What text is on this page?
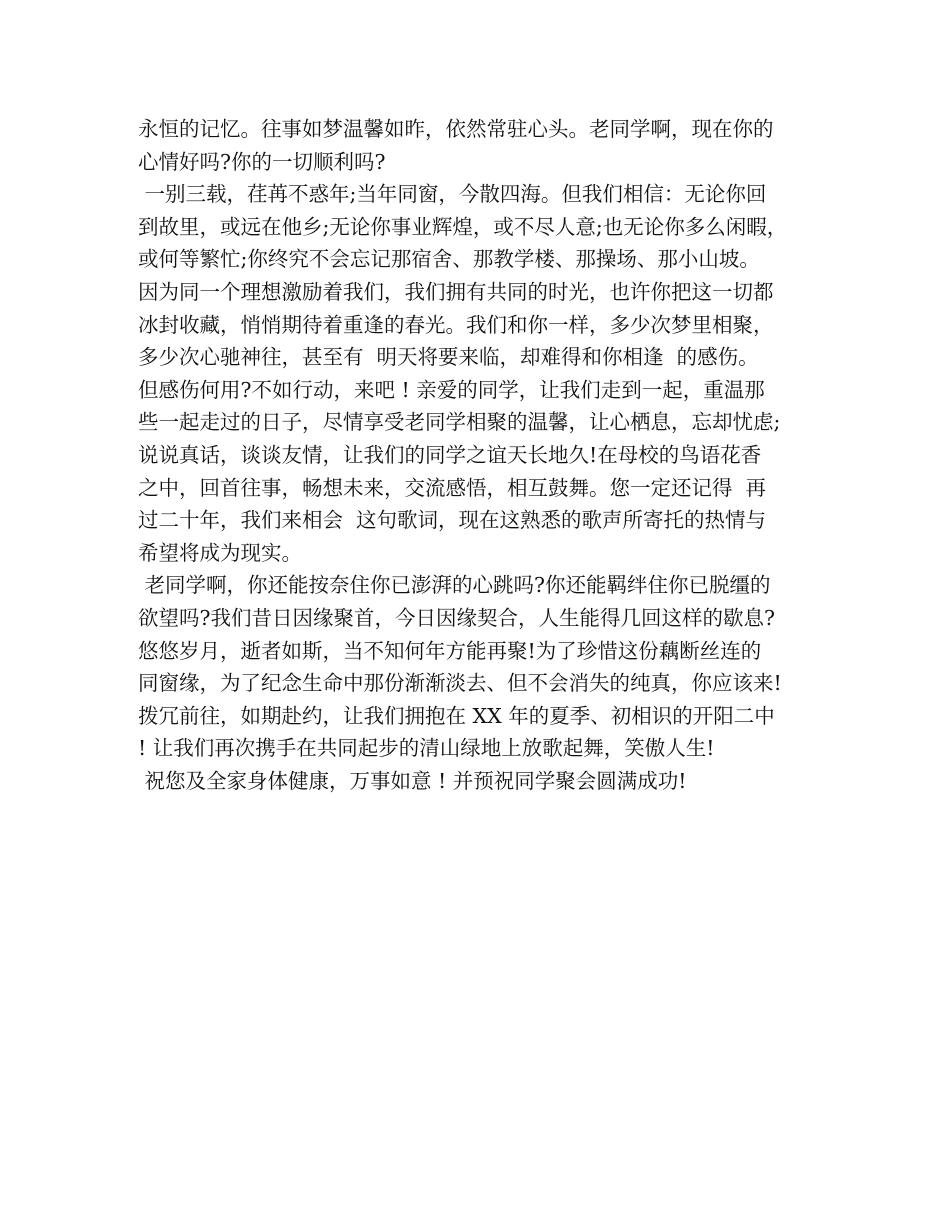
永恒的记忆。往事如梦温馨如昨，依然常驻心头。老同学啊，现在你的
心情好吗?你的一切顺利吗?
一别三载，荏苒不惑年;当年同窗，今散四海。但我们相信：无论你回
到故里，或远在他乡;无论你事业辉煌，或不尽人意;也无论你多么闲暇，
或何等繁忙;你终究不会忘记那宿舍、那教学楼、那操场、那小山坡。
因为同一个理想激励着我们，我们拥有共同的时光，也许你把这一切都
冰封收藏，悄悄期待着重逢的春光。我们和你一样，多少次梦里相聚，
多少次心驰神往，甚至有  明天将要来临，却难得和你相逢  的感伤。
但感伤何用?不如行动，来吧 ! 亲爱的同学，让我们走到一起，重温那
些一起走过的日子，尽情享受老同学相聚的温馨，让心栖息，忘却忧虑;
说说真话，谈谈友情，让我们的同学之谊天长地久!在母校的鸟语花香
之中，回首往事，畅想未来，交流感悟，相互鼓舞。您一定还记得  再
过二十年，我们来相会  这句歌词，现在这熟悉的歌声所寄托的热情与
希望将成为现实。
老同学啊，你还能按奈住你已澎湃的心跳吗?你还能羁绊住你已脱缰的
欲望吗?我们昔日因缘聚首，今日因缘契合，人生能得几回这样的歇息?
悠悠岁月，逝者如斯，当不知何年方能再聚!为了珍惜这份藕断丝连的
同窗缘，为了纪念生命中那份渐渐淡去、但不会消失的纯真，你应该来!
拨冗前往，如期赴约，让我们拥抱在 XX 年的夏季、初相识的开阳二中
! 让我们再次携手在共同起步的清山绿地上放歌起舞，笑傲人生!
祝您及全家身体健康，万事如意 ! 并预祝同学聚会圆满成功!
